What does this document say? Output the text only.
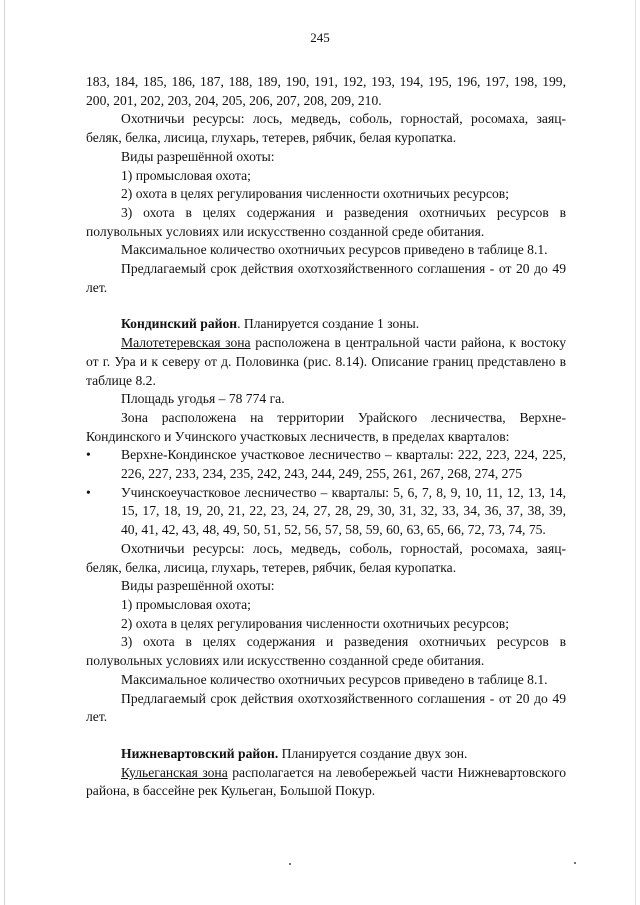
245

183, 184, 185, 186, 187, 188, 189, 190, 191, 192, 193, 194, 195, 196, 197, 198, 199, 200, 201, 202, 203, 204, 205, 206, 207, 208, 209, 210.

Охотничьи ресурсы: лось, медведь, соболь, горностай, росомаха, заяц-беляк, белка, лисица, глухарь, тетерев, рябчик, белая куропатка.

Виды разрешённой охоты:

1) промысловая охота;

2) охота в целях регулирования численности охотничьих ресурсов;

3) охота в целях содержания и разведения охотничьих ресурсов в полувольных условиях или искусственно созданной среде обитания.

Максимальное количество охотничьих ресурсов приведено в таблице 8.1.

Предлагаемый срок действия охотхозяйственного соглашения - от 20 до 49 лет.

Кондинский район. Планируется создание 1 зоны.

Малотетеревская зона расположена в центральной части района, к востоку от г. Ура и к северу от д. Половинка (рис. 8.14). Описание границ представлено в таблице 8.2.

Площадь угодья – 78 774 га.

Зона расположена на территории Урайского лесничества, Верхне-Кондинского и Учинского участковых лесничеств, в пределах кварталов:

• Верхне-Кондинское участковое лесничество – кварталы: 222, 223, 224, 225, 226, 227, 233, 234, 235, 242, 243, 244, 249, 255, 261, 267, 268, 274, 275
• Учинскоеучастковое лесничество – кварталы: 5, 6, 7, 8, 9, 10, 11, 12, 13, 14, 15, 17, 18, 19, 20, 21, 22, 23, 24, 27, 28, 29, 30, 31, 32, 33, 34, 36, 37, 38, 39, 40, 41, 42, 43, 48, 49, 50, 51, 52, 56, 57, 58, 59, 60, 63, 65, 66, 72, 73, 74, 75.

Охотничьи ресурсы: лось, медведь, соболь, горностай, росомаха, заяц-беляк, белка, лисица, глухарь, тетерев, рябчик, белая куропатка.

Виды разрешённой охоты:

1) промысловая охота;

2) охота в целях регулирования численности охотничьих ресурсов;

3) охота в целях содержания и разведения охотничьих ресурсов в полувольных условиях или искусственно созданной среде обитания.

Максимальное количество охотничьих ресурсов приведено в таблице 8.1.

Предлагаемый срок действия охотхозяйственного соглашения - от 20 до 49 лет.

Нижневартовский район. Планируется создание двух зон.

Кульеганская зона располагается на левобережьей части Нижневартовского района, в бассейне рек Кульеган, Большой Покур.
